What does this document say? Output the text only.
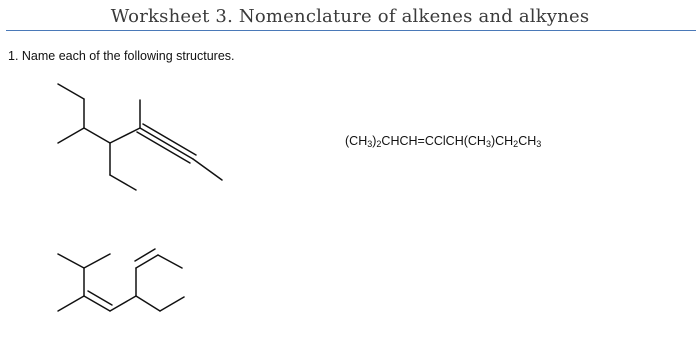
Worksheet 3. Nomenclature of alkenes and alkynes
1. Name each of the following structures.
$(CH_3)_2CHCH=CClCH(CH_3)CH_2CH_3$
